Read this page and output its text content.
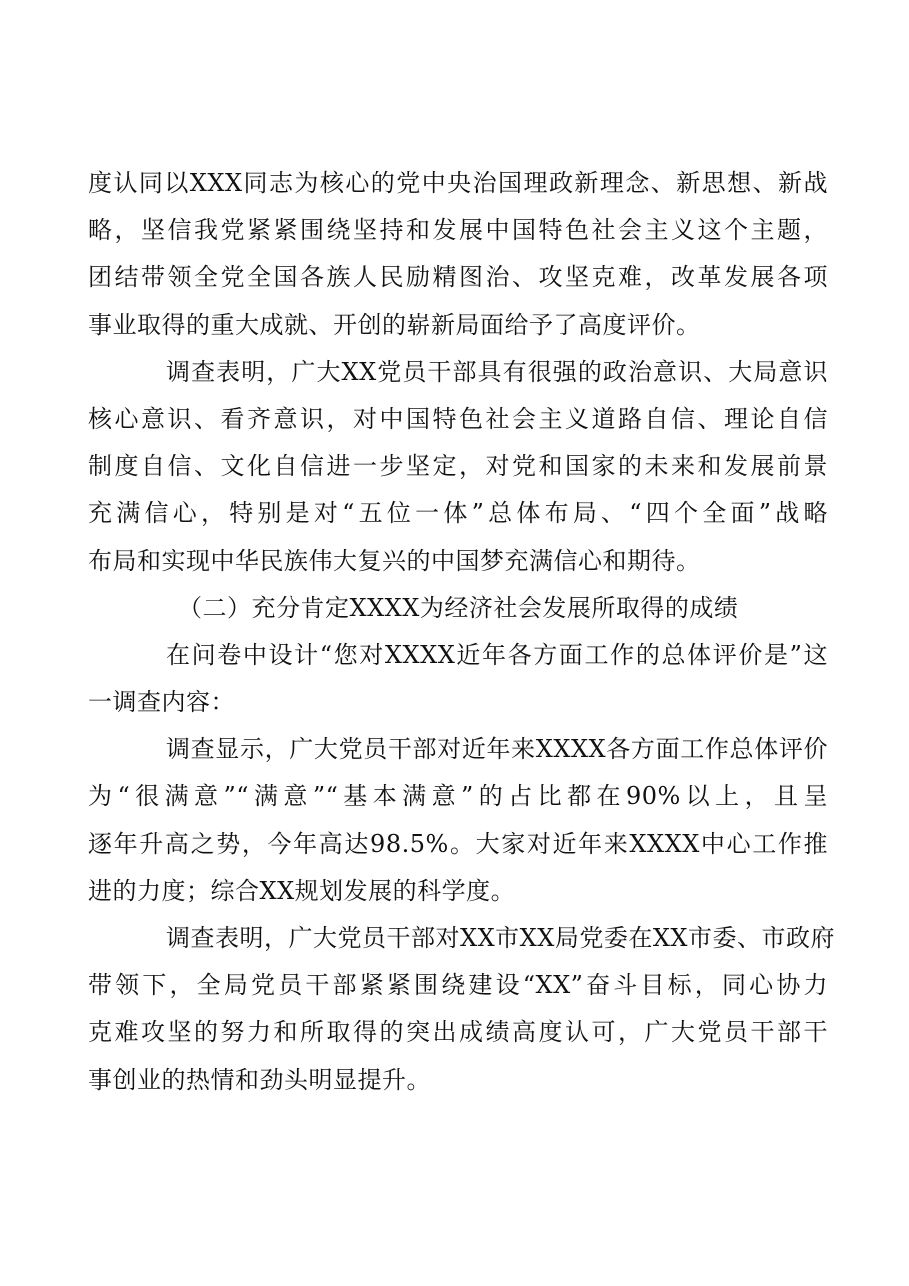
度认同以XXX同志为核心的党中央治国理政新理念、新思想、新战
略，坚信我党紧紧围绕坚持和发展中国特色社会主义这个主题，
团结带领全党全国各族人民励精图治、攻坚克难，改革发展各项
事业取得的重大成就、开创的崭新局面给予了高度评价。
调查表明，广大XX党员干部具有很强的政治意识、大局意识
核心意识、看齐意识，对中国特色社会主义道路自信、理论自信
制度自信、文化自信进一步坚定，对党和国家的未来和发展前景
充满信心，特别是对“五位一体”总体布局、“四个全面”战略
布局和实现中华民族伟大复兴的中国梦充满信心和期待。
（二）充分肯定XXXX为经济社会发展所取得的成绩
在问卷中设计“您对XXXX近年各方面工作的总体评价是”这
一调查内容：
调查显示，广大党员干部对近年来XXXX各方面工作总体评价
为“很满意”“满意”“基本满意”的占比都在90%以上，且呈
逐年升高之势，今年高达98.5%。大家对近年来XXXX中心工作推
进的力度；综合XX规划发展的科学度。
调查表明，广大党员干部对XX市XX局党委在XX市委、市政府
带领下，全局党员干部紧紧围绕建设“XX”奋斗目标，同心协力
克难攻坚的努力和所取得的突出成绩高度认可，广大党员干部干
事创业的热情和劲头明显提升。
